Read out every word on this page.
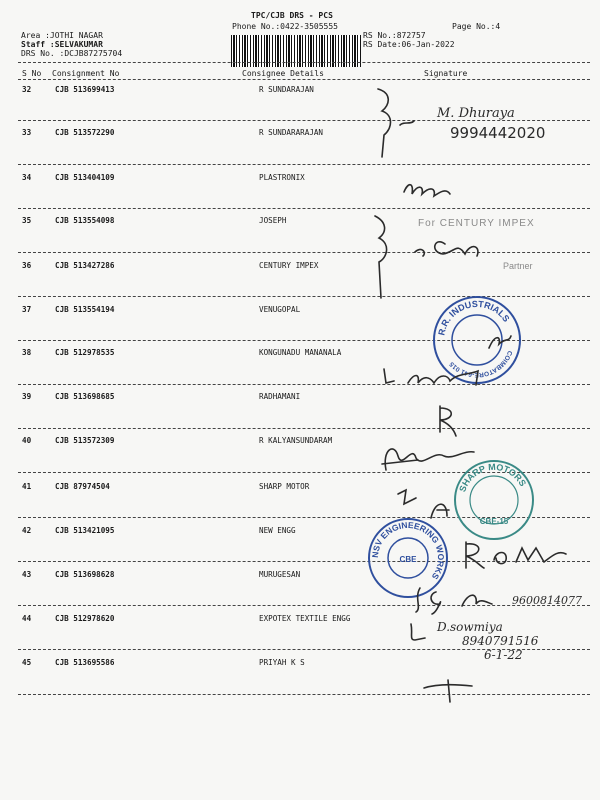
TPC/CJB DRS - PCS
Phone No.:0422-3505555	Page No.:4
Area :JOTHI NAGAR
Staff :SELVAKUMAR
DRS No. :DCJB87275704
RS No.:872757
RS Date:06-Jan-2022
S No Consignment No	Consignee Details	Signature
32	CJB 513699413	R SUNDARAJAN
33	CJB 513572290	R SUNDARARAJAN
34	CJB 513404109	PLASTRONIX
35	CJB 513554098	JOSEPH
36	CJB 513427286	CENTURY IMPEX
37	CJB 513554194	VENUGOPAL
38	CJB 512978535	KONGUNADU MANANALA
39	CJB 513698685	RADHAMANI
40	CJB 513572309	R KALYANSUNDARAM
41	CJB 87974504	SHARP MOTOR
42	CJB 513421095	NEW ENGG
43	CJB 513698628	MURUGESAN
44	CJB 512978620	EXPOTEX TEXTILE ENGG
45	CJB 513695586	PRIYAH K S
M. Dhuraya
9994442020
For CENTURY IMPEX
Partner
R.R. INDUSTRIALS
COIMBATORE-641 015
SHARP MOTORS
CBE-15
NSV ENGINEERING WORKS
CBE
9600814077
D.sowmiya
8940791516
6-1-22
